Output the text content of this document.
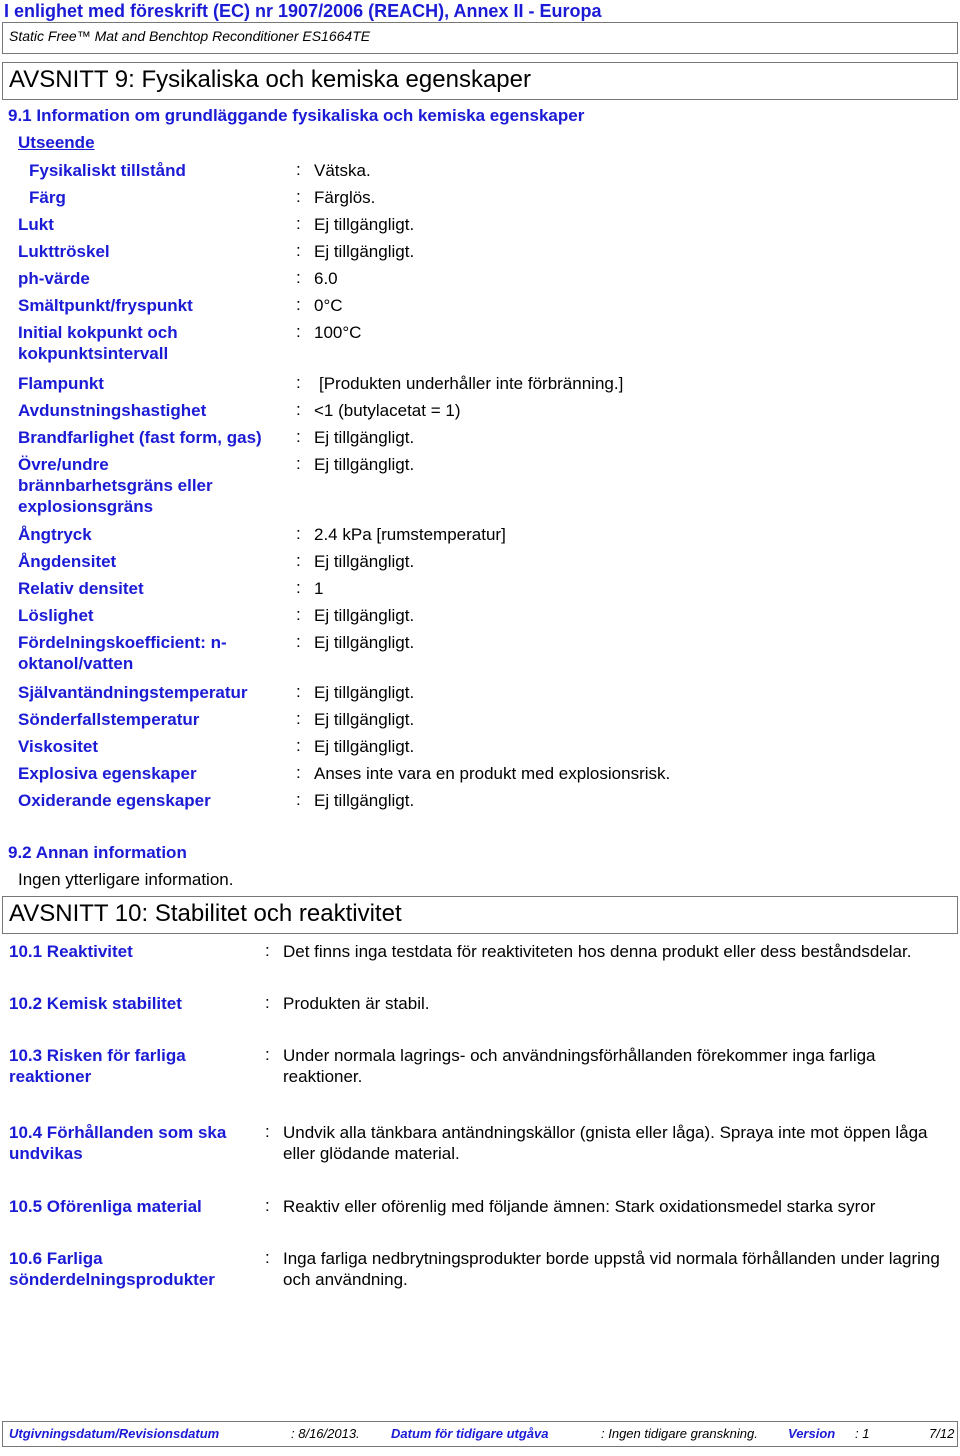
I enlighet med föreskrift (EC) nr 1907/2006 (REACH), Annex II - Europa
Static Free™ Mat and Benchtop Reconditioner ES1664TE
AVSNITT 9: Fysikaliska och kemiska egenskaper
9.1 Information om grundläggande fysikaliska och kemiska egenskaper
Utseende
Fysikaliskt tillstånd	: Vätska.
Färg	: Färglös.
Lukt	: Ej tillgängligt.
Lukttröskel	: Ej tillgängligt.
ph-värde	: 6.0
Smältpunkt/fryspunkt	: 0°C
Initial kokpunkt och kokpunktsintervall
: 100°C
Flampunkt	: [Produkten underhåller inte förbränning.]
Avdunstningshastighet	: <1 (butylacetat = 1)
Brandfarlighet (fast form, gas)	: Ej tillgängligt.
Övre/undre brännbarhetsgräns eller explosionsgräns
: Ej tillgängligt.
Ångtryck	: 2.4 kPa [rumstemperatur]
Ångdensitet	: Ej tillgängligt.
Relativ densitet	: 1
Löslighet	: Ej tillgängligt.
Fördelningskoefficient: n-oktanol/vatten
: Ej tillgängligt.
Självantändningstemperatur	: Ej tillgängligt.
Sönderfallstemperatur	: Ej tillgängligt.
Viskositet	: Ej tillgängligt.
Explosiva egenskaper	: Anses inte vara en produkt med explosionsrisk.
Oxiderande egenskaper	: Ej tillgängligt.
9.2 Annan information
Ingen ytterligare information.
AVSNITT 10: Stabilitet och reaktivitet
10.1 Reaktivitet	: Det finns inga testdata för reaktiviteten hos denna produkt eller dess beståndsdelar.
10.2 Kemisk stabilitet	: Produkten är stabil.
10.3 Risken för farliga reaktioner
: Under normala lagrings- och användningsförhållanden förekommer inga farliga reaktioner.
10.4 Förhållanden som ska undvikas
: Undvik alla tänkbara antändningskällor (gnista eller låga). Spraya inte mot öppen låga eller glödande material.
10.5 Oförenliga material	: Reaktiv eller oförenlig med följande ämnen: Stark oxidationsmedel starka syror
10.6 Farliga sönderdelningsprodukter
: Inga farliga nedbrytningsprodukter borde uppstå vid normala förhållanden under lagring och användning.
Utgivningsdatum/Revisionsdatum	: 8/16/2013. Datum för tidigare utgåva	: Ingen tidigare granskning. Version : 1	7/12
